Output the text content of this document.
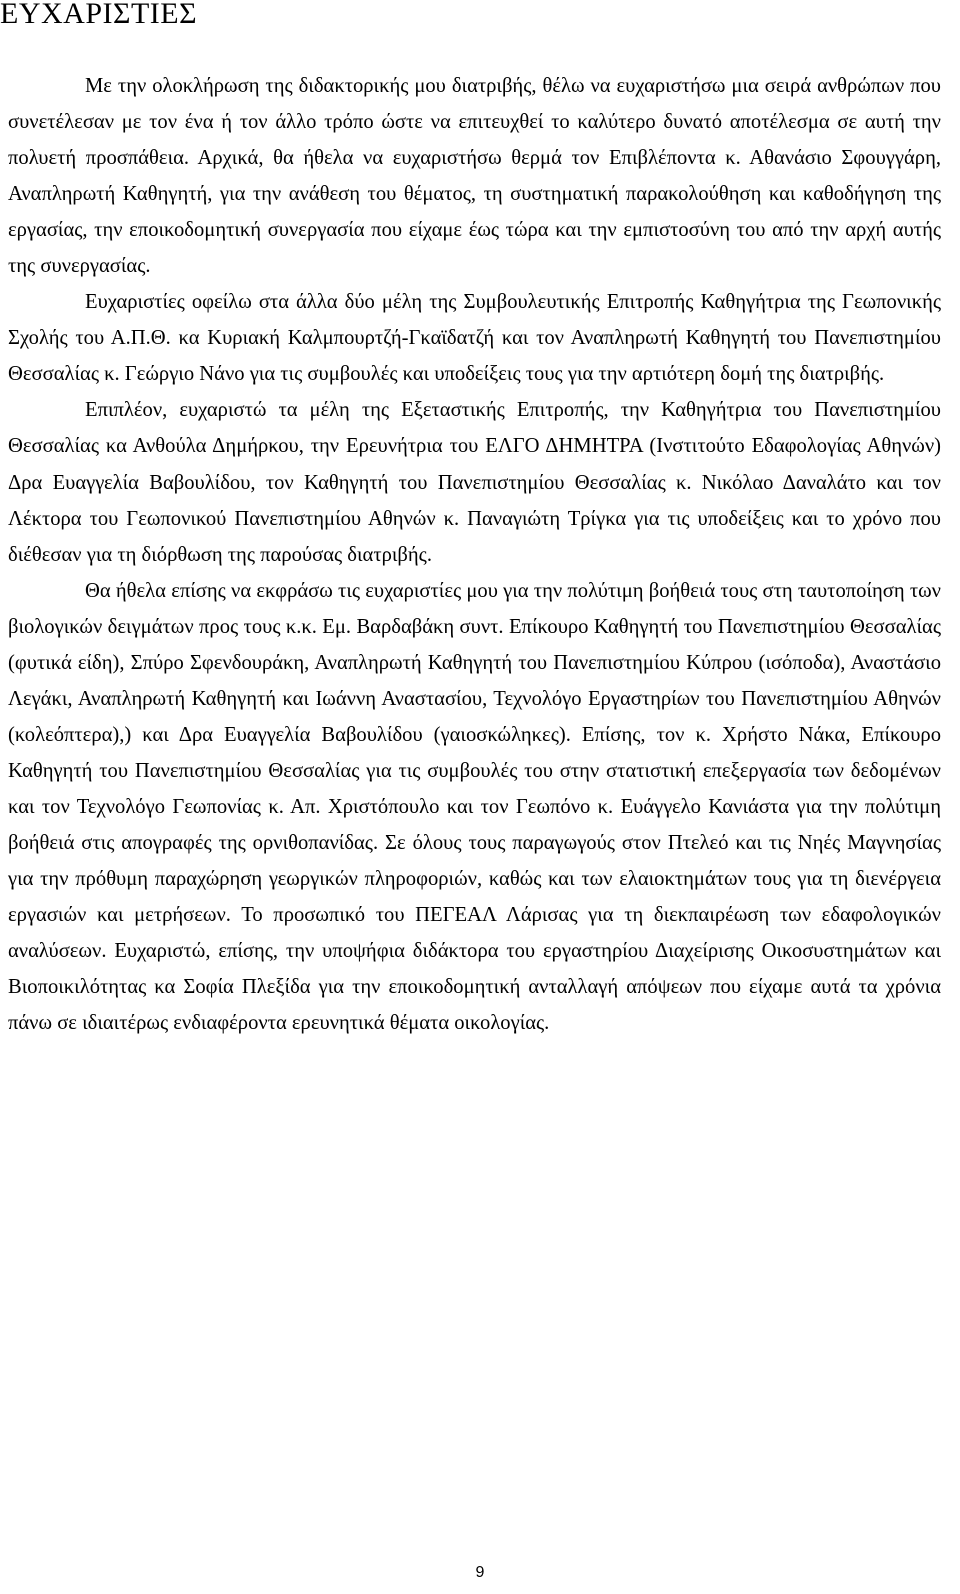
ΕΥΧΑΡΙΣΤΙΕΣ

Με την ολοκλήρωση της διδακτορικής μου διατριβής, θέλω να ευχαριστήσω μια σειρά ανθρώπων που συνετέλεσαν με τον ένα ή τον άλλο τρόπο ώστε να επιτευχθεί το καλύτερο δυνατό αποτέλεσμα σε αυτή την πολυετή προσπάθεια. Αρχικά, θα ήθελα να ευχαριστήσω θερμά τον Επιβλέποντα κ. Αθανάσιο Σφουγγάρη, Αναπληρωτή Καθηγητή, για την ανάθεση του θέματος, τη συστηματική παρακολούθηση και καθοδήγηση της εργασίας, την εποικοδομητική συνεργασία που είχαμε έως τώρα και την εμπιστοσύνη του από την αρχή αυτής της συνεργασίας.

Ευχαριστίες οφείλω στα άλλα δύο μέλη της Συμβουλευτικής Επιτροπής Καθηγήτρια της Γεωπονικής Σχολής του Α.Π.Θ. κα Κυριακή Καλμπουρτζή-Γκαϊδατζή και τον Αναπληρωτή Καθηγητή του Πανεπιστημίου Θεσσαλίας κ. Γεώργιο Νάνο για τις συμβουλές και υποδείξεις τους για την αρτιότερη δομή της διατριβής.

Επιπλέον, ευχαριστώ τα μέλη της Εξεταστικής Επιτροπής, την Καθηγήτρια του Πανεπιστημίου Θεσσαλίας κα Ανθούλα Δημήρκου, την Ερευνήτρια του ΕΛΓΟ ΔΗΜΗΤΡΑ (Ινστιτούτο Εδαφολογίας Αθηνών) Δρα Ευαγγελία Βαβουλίδου, τον Καθηγητή του Πανεπιστημίου Θεσσαλίας κ. Νικόλαο Δαναλάτο και τον Λέκτορα του Γεωπονικού Πανεπιστημίου Αθηνών κ. Παναγιώτη Τρίγκα για τις υποδείξεις και το χρόνο που διέθεσαν για τη διόρθωση της παρούσας διατριβής.

Θα ήθελα επίσης να εκφράσω τις ευχαριστίες μου για την πολύτιμη βοήθειά τους στη ταυτοποίηση των βιολογικών δειγμάτων προς τους κ.κ. Εμ. Βαρδαβάκη συντ. Επίκουρο Καθηγητή του Πανεπιστημίου Θεσσαλίας (φυτικά είδη), Σπύρο Σφενδουράκη, Αναπληρωτή Καθηγητή του Πανεπιστημίου Κύπρου (ισόποδα), Αναστάσιο Λεγάκι, Αναπληρωτή Καθηγητή και Ιωάννη Αναστασίου, Τεχνολόγο Εργαστηρίων του Πανεπιστημίου Αθηνών (κολεόπτερα),) και Δρα Ευαγγελία Βαβουλίδου (γαιοσκώληκες). Επίσης, τον κ. Χρήστο Νάκα, Επίκουρο Καθηγητή του Πανεπιστημίου Θεσσαλίας για τις συμβουλές του στην στατιστική επεξεργασία των δεδομένων και τον Τεχνολόγο Γεωπονίας κ. Απ. Χριστόπουλο και τον Γεωπόνο κ. Ευάγγελο Κανιάστα για την πολύτιμη βοήθειά στις απογραφές της ορνιθοπανίδας. Σε όλους τους παραγωγούς στον Πτελεό και τις Νηές Μαγνησίας για την πρόθυμη παραχώρηση γεωργικών πληροφοριών, καθώς και των ελαιοκτημάτων τους για τη διενέργεια εργασιών και μετρήσεων. Το προσωπικό του ΠΕΓΕΑΛ Λάρισας για τη διεκπαιρέωση των εδαφολογικών αναλύσεων. Ευχαριστώ, επίσης, την υποψήφια διδάκτορα του εργαστηρίου Διαχείρισης Οικοσυστημάτων και Βιοποικιλότητας κα Σοφία Πλεξίδα για την εποικοδομητική ανταλλαγή απόψεων που είχαμε αυτά τα χρόνια πάνω σε ιδιαιτέρως ενδιαφέροντα ερευνητικά θέματα οικολογίας.

9
